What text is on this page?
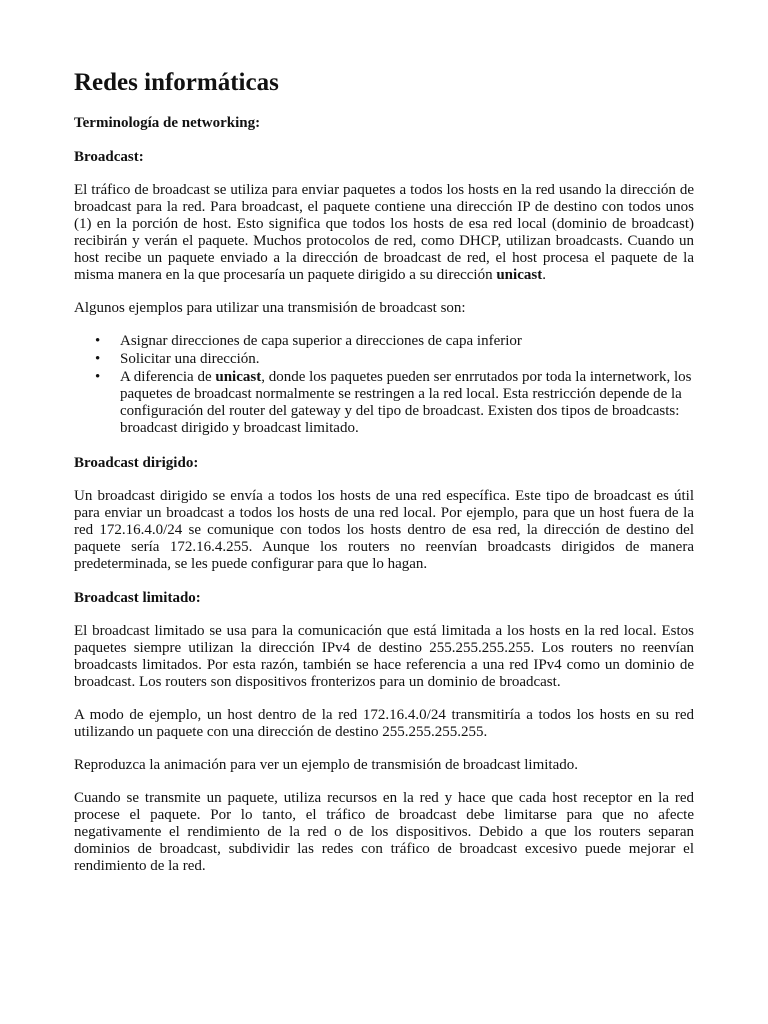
Redes informáticas
Terminología de networking:
Broadcast:

El tráfico de broadcast se utiliza para enviar paquetes a todos los hosts en la red usando la dirección de broadcast para la red. Para broadcast, el paquete contiene una dirección IP de destino con todos unos (1) en la porción de host. Esto significa que todos los hosts de esa red local (dominio de broadcast) recibirán y verán el paquete. Muchos protocolos de red, como DHCP, utilizan broadcasts. Cuando un host recibe un paquete enviado a la dirección de broadcast de red, el host procesa el paquete de la misma manera en la que procesaría un paquete dirigido a su dirección unicast.

Algunos ejemplos para utilizar una transmisión de broadcast son:

• Asignar direcciones de capa superior a direcciones de capa inferior
• Solicitar una dirección.
• A diferencia de unicast, donde los paquetes pueden ser enrrutados por toda la internetwork, los paquetes de broadcast normalmente se restringen a la red local. Esta restricción depende de la configuración del router del gateway y del tipo de broadcast. Existen dos tipos de broadcasts: broadcast dirigido y broadcast limitado.
Broadcast dirigido:

Un broadcast dirigido se envía a todos los hosts de una red específica. Este tipo de broadcast es útil para enviar un broadcast a todos los hosts de una red local. Por ejemplo, para que un host fuera de la red 172.16.4.0/24 se comunique con todos los hosts dentro de esa red, la dirección de destino del paquete sería 172.16.4.255. Aunque los routers no reenvían broadcasts dirigidos de manera predeterminada, se les puede configurar para que lo hagan.

Broadcast limitado:

El broadcast limitado se usa para la comunicación que está limitada a los hosts en la red local. Estos paquetes siempre utilizan la dirección IPv4 de destino 255.255.255.255. Los routers no reenvían broadcasts limitados. Por esta razón, también se hace referencia a una red IPv4 como un dominio de broadcast. Los routers son dispositivos fronterizos para un dominio de broadcast.

A modo de ejemplo, un host dentro de la red 172.16.4.0/24 transmitiría a todos los hosts en su red utilizando un paquete con una dirección de destino 255.255.255.255.

Reproduzca la animación para ver un ejemplo de transmisión de broadcast limitado.

Cuando se transmite un paquete, utiliza recursos en la red y hace que cada host receptor en la red procese el paquete. Por lo tanto, el tráfico de broadcast debe limitarse para que no afecte negativamente el rendimiento de la red o de los dispositivos. Debido a que los routers separan dominios de broadcast, subdividir las redes con tráfico de broadcast excesivo puede mejorar el rendimiento de la red.
